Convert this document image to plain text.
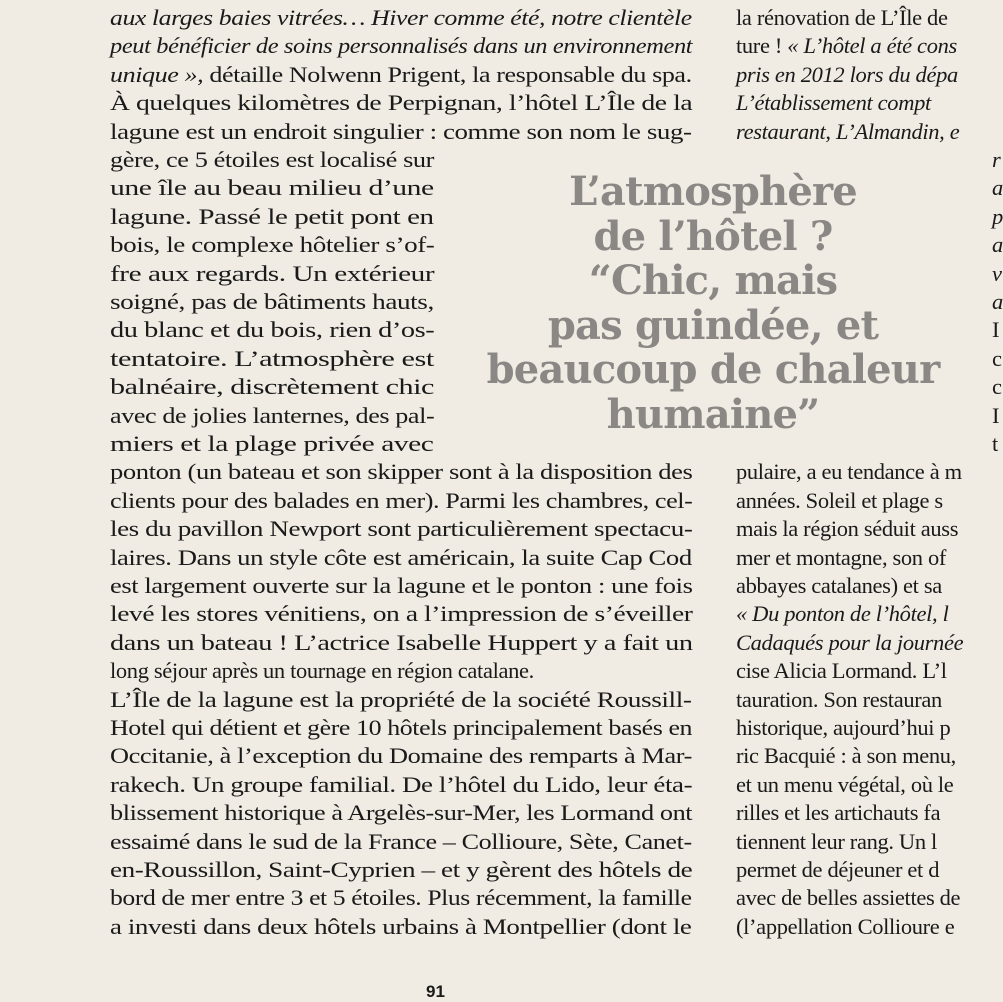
aux larges baies vitrées… Hiver comme été, notre clientèle
peut bénéficier de soins personnalisés dans un environnement
unique », détaille Nolwenn Prigent, la responsable du spa.
À quelques kilomètres de Perpignan, l’hôtel L’Île de la
lagune est un endroit singulier : comme son nom le sug-
gère, ce 5 étoiles est localisé sur
une île au beau milieu d’une
lagune. Passé le petit pont en
bois, le complexe hôtelier s’of-
fre aux regards. Un extérieur
soigné, pas de bâtiments hauts,
du blanc et du bois, rien d’os-
tentatoire. L’atmosphère est
balnéaire, discrètement chic
avec de jolies lanternes, des pal-
miers et la plage privée avec
ponton (un bateau et son skipper sont à la disposition des
clients pour des balades en mer). Parmi les chambres, cel-
les du pavillon Newport sont particulièrement spectacu-
laires. Dans un style côte est américain, la suite Cap Cod
est largement ouverte sur la lagune et le ponton : une fois
levé les stores vénitiens, on a l’impression de s’éveiller
dans un bateau ! L’actrice Isabelle Huppert y a fait un
long séjour après un tournage en région catalane.
L’Île de la lagune est la propriété de la société Roussill-
Hotel qui détient et gère 10 hôtels principalement basés en
Occitanie, à l’exception du Domaine des remparts à Mar-
rakech. Un groupe familial. De l’hôtel du Lido, leur éta-
blissement historique à Argelès-sur-Mer, les Lormand ont
essaimé dans le sud de la France – Collioure, Sète, Canet-
en-Roussillon, Saint-Cyprien – et y gèrent des hôtels de
bord de mer entre 3 et 5 étoiles. Plus récemment, la famille
a investi dans deux hôtels urbains à Montpellier (dont le
la rénovation de L’Île de
ture ! « L’hôtel a été cons
pris en 2012 lors du dépa
L’établissement compt
restaurant, L’Almandin, e
pulaire, a eu tendance à m
années. Soleil et plage s
mais la région séduit auss
mer et montagne, son of
abbayes catalanes) et sa
« Du ponton de l’hôtel, l
Cadaqués pour la journée
cise Alicia Lormand. L’l
tauration. Son restauran
historique, aujourd’hui p
ric Bacquié : à son menu,
et un menu végétal, où le
rilles et les artichauts fa
tiennent leur rang. Un l
permet de déjeuner et d
avec de belles assiettes de
(l’appellation Collioure e
r
a
p
a
v
a
I
c
c
I
t
L’atmosphère
de l’hôtel ?
“Chic, mais
pas guindée, et
beaucoup de chaleur
humaine”
91
